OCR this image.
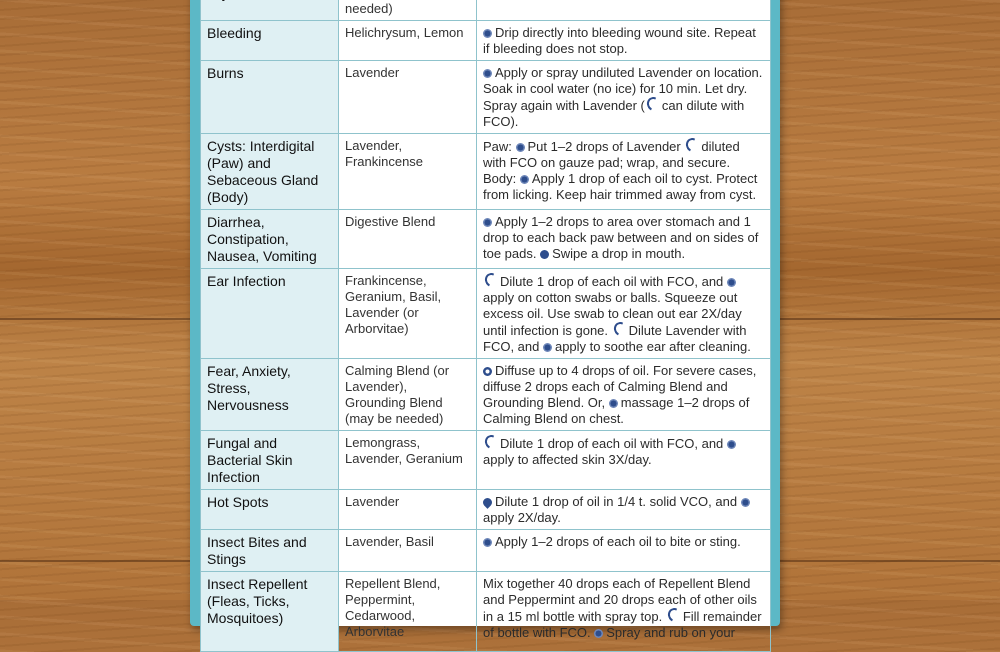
	needed)	
Bleeding	Helichrysum, Lemon	Drip directly into bleeding wound site. Repeat if bleeding does not stop.
Burns	Lavender	Apply or spray undiluted Lavender on location. Soak in cool water (no ice) for 10 min. Let dry. Spray again with Lavender ( can dilute with FCO).
Cysts: Interdigital (Paw) and Sebaceous Gland (Body)	Lavender, Frankincense	Paw: Put 1–2 drops of Lavender diluted with FCO on gauze pad; wrap, and secure. Body: Apply 1 drop of each oil to cyst. Protect from licking. Keep hair trimmed away from cyst.
Diarrhea, Constipation, Nausea, Vomiting	Digestive Blend	Apply 1–2 drops to area over stomach and 1 drop to each back paw between and on sides of toe pads. Swipe a drop in mouth.
Ear Infection	Frankincense, Geranium, Basil, Lavender (or Arborvitae)	Dilute 1 drop of each oil with FCO, and apply on cotton swabs or balls. Squeeze out excess oil. Use swab to clean out ear 2X/day until infection is gone. Dilute Lavender with FCO, and apply to soothe ear after cleaning.
Fear, Anxiety, Stress, Nervousness	Calming Blend (or Lavender), Grounding Blend (may be needed)	Diffuse up to 4 drops of oil. For severe cases, diffuse 2 drops each of Calming Blend and Grounding Blend. Or, massage 1–2 drops of Calming Blend on chest.
Fungal and Bacterial Skin Infection	Lemongrass, Lavender, Geranium	Dilute 1 drop of each oil with FCO, and apply to affected skin 3X/day.
Hot Spots	Lavender	Dilute 1 drop of oil in 1/4 t. solid VCO, and apply 2X/day.
Insect Bites and Stings	Lavender, Basil	Apply 1–2 drops of each oil to bite or sting.
Insect Repellent (Fleas, Ticks, Mosquitoes)	Repellent Blend, Peppermint, Cedarwood, Arborvitae	Mix together 40 drops each of Repellent Blend and Peppermint and 20 drops each of other oils in a 15 ml bottle with spray top. Fill remainder of bottle with FCO. Spray and rub on your
